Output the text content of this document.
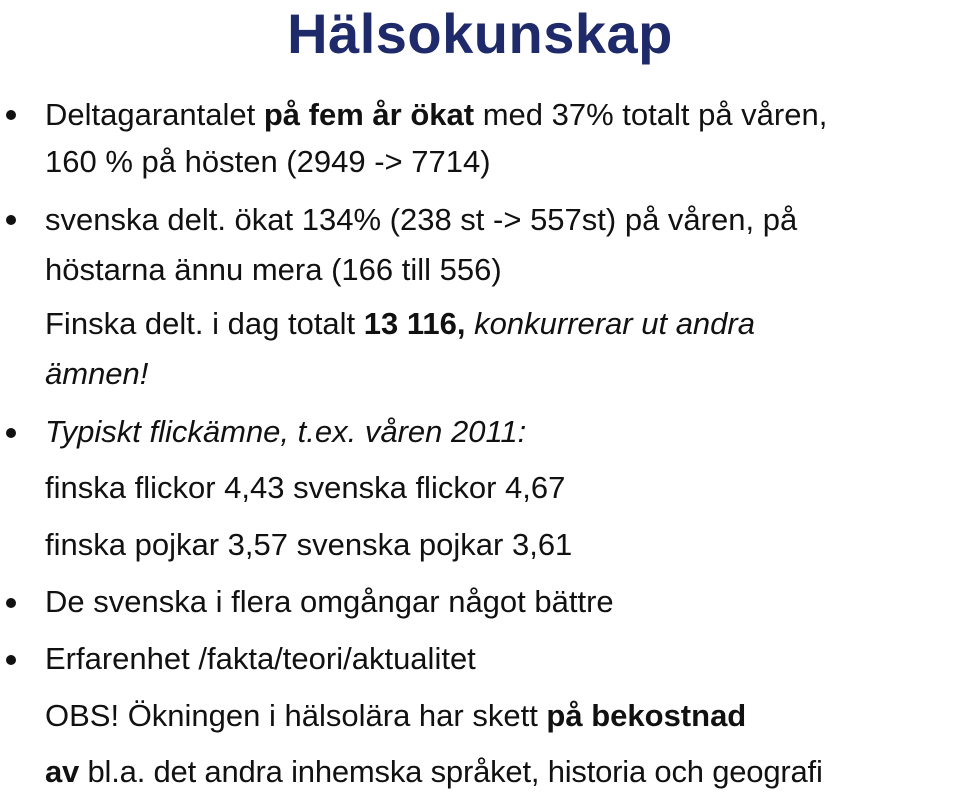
Hälsokunskap
Deltagarantalet på fem år ökat med 37% totalt på våren,
160 % på hösten (2949 -> 7714)
svenska delt. ökat 134% (238 st -> 557st) på våren, på
höstarna ännu mera (166 till 556)
Finska delt. i dag totalt 13 116, konkurrerar ut andra
ämnen!
Typiskt flickämne, t.ex. våren 2011:
finska flickor 4,43 svenska flickor 4,67
finska pojkar 3,57 svenska pojkar 3,61
De svenska i flera omgångar något bättre
Erfarenhet /fakta/teori/aktualitet
OBS! Ökningen i hälsolära har skett på bekostnad
av bl.a. det andra inhemska språket, historia och geografi
